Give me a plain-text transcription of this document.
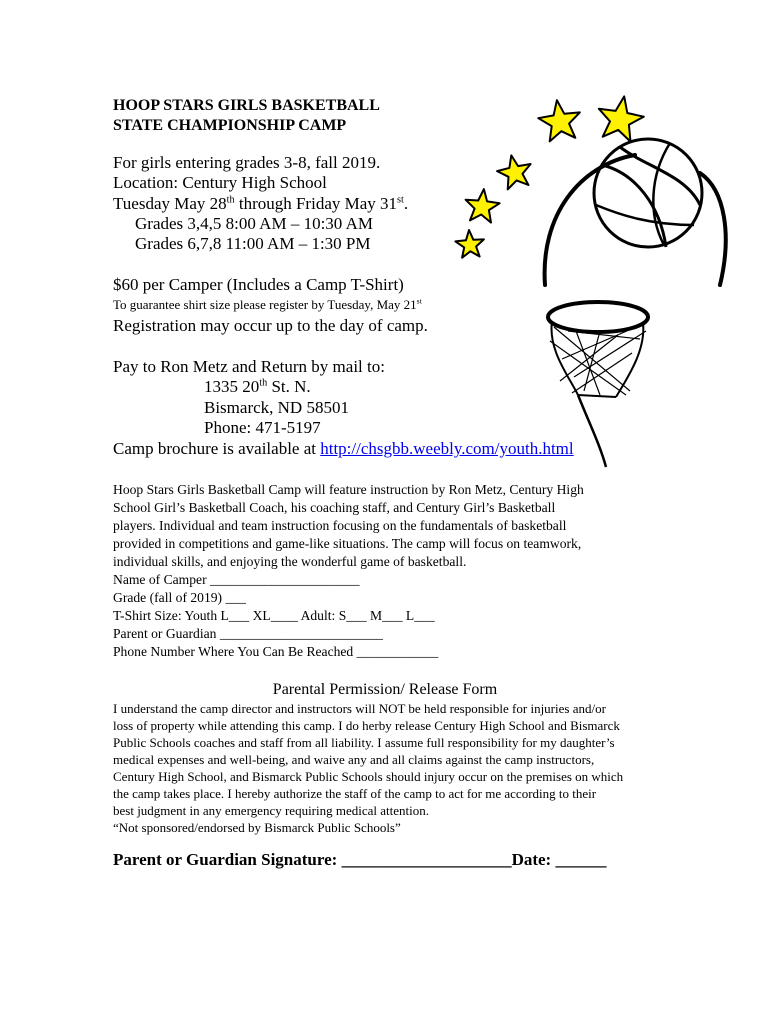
HOOP STARS GIRLS BASKETBALL
STATE CHAMPIONSHIP CAMP
For girls entering grades 3-8, fall 2019.
Location: Century High School
Tuesday May 28th through Friday May 31st.
Grades 3,4,5 8:00 AM – 10:30 AM
Grades 6,7,8 11:00 AM – 1:30 PM
$60 per Camper (Includes a Camp T-Shirt)
To guarantee shirt size please register by Tuesday, May 21st
Registration may occur up to the day of camp.
Pay to Ron Metz and Return by mail to:
1335 20th St. N.
Bismarck, ND 58501
Phone: 471-5197
Camp brochure is available at http://chsgbb.weebly.com/youth.html
Hoop Stars Girls Basketball Camp will feature instruction by Ron Metz, Century High
School Girl’s Basketball Coach, his coaching staff, and Century Girl’s Basketball
players. Individual and team instruction focusing on the fundamentals of basketball
provided in competitions and game-like situations. The camp will focus on teamwork,
individual skills, and enjoying the wonderful game of basketball.
Name of Camper ______________________
Grade (fall of 2019) ___
T-Shirt Size: Youth L___ XL____ Adult: S___ M___ L___
Parent or Guardian ________________________
Phone Number Where You Can Be Reached ____________
Parental Permission/ Release Form
I understand the camp director and instructors will NOT be held responsible for injuries and/or
loss of property while attending this camp. I do herby release Century High School and Bismarck
Public Schools coaches and staff from all liability. I assume full responsibility for my daughter’s
medical expenses and well-being, and waive any and all claims against the camp instructors,
Century High School, and Bismarck Public Schools should injury occur on the premises on which
the camp takes place. I hereby authorize the staff of the camp to act for me according to their
best judgment in any emergency requiring medical attention.
“Not sponsored/endorsed by Bismarck Public Schools”
Parent or Guardian Signature: ____________________Date: ______
